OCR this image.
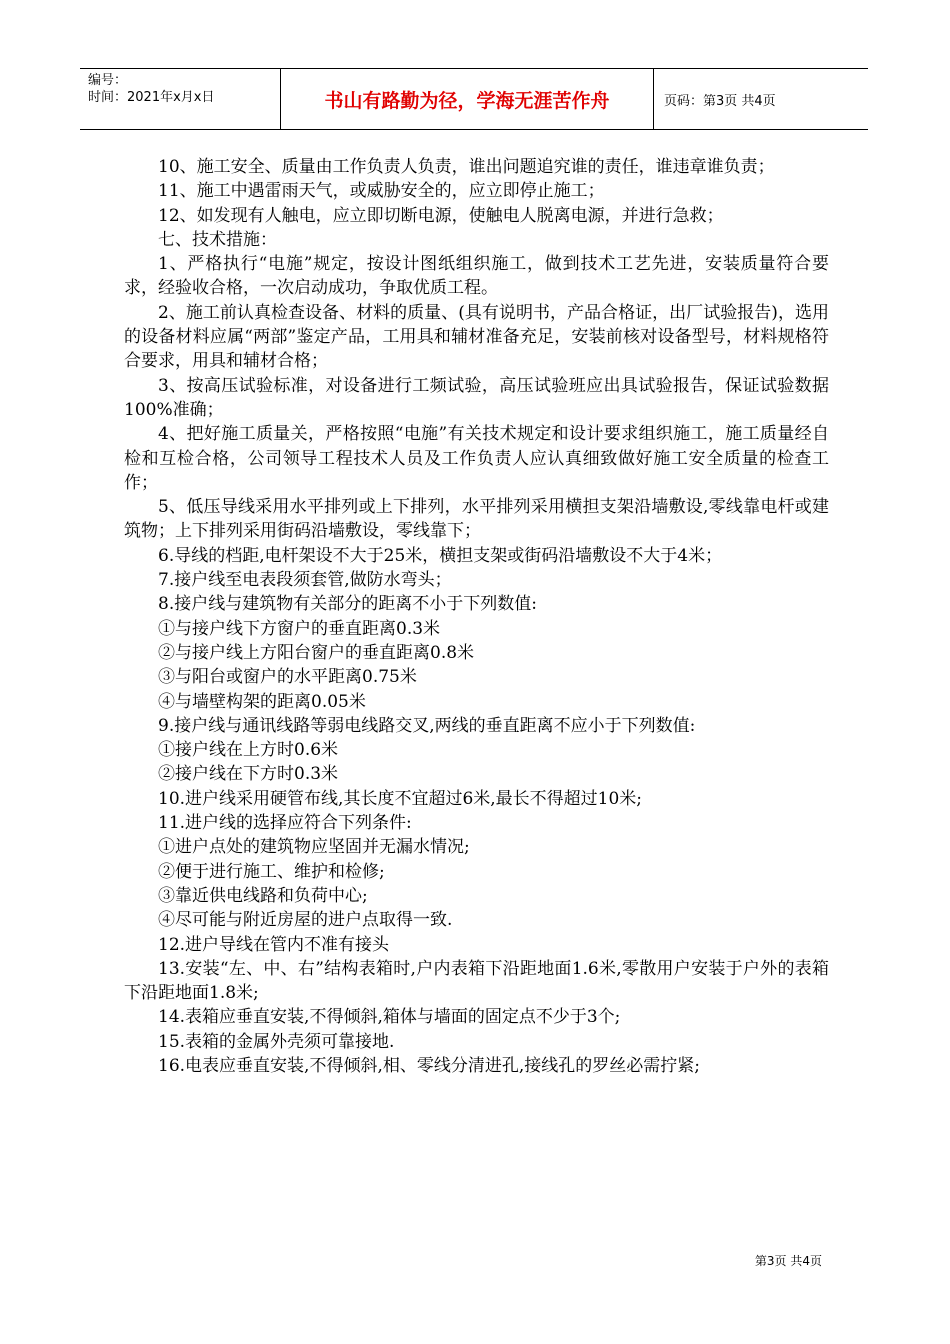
编号：
时间：2021年x月x日	书山有路勤为径，学海无涯苦作舟	页码：第3页 共4页

10、施工安全、质量由工作负责人负责，谁出问题追究谁的责任，谁违章谁负责；

11、施工中遇雷雨天气，或威胁安全的，应立即停止施工；

12、如发现有人触电，应立即切断电源，使触电人脱离电源，并进行急救；

七、技术措施：

1、严格执行“电施”规定，按设计图纸组织施工，做到技术工艺先进，安装质量符合要求，经验收合格，一次启动成功，争取优质工程。

2、施工前认真检查设备、材料的质量、(具有说明书，产品合格证，出厂试验报告)，选用的设备材料应属“两部”鉴定产品，工用具和辅材准备充足，安装前核对设备型号，材料规格符合要求，用具和辅材合格；

3、按高压试验标准，对设备进行工频试验，高压试验班应出具试验报告，保证试验数据100%准确；

4、把好施工质量关，严格按照“电施”有关技术规定和设计要求组织施工，施工质量经自检和互检合格，公司领导工程技术人员及工作负责人应认真细致做好施工安全质量的检查工作；

5、低压导线采用水平排列或上下排列，水平排列采用横担支架沿墙敷设,零线靠电杆或建筑物；上下排列采用街码沿墙敷设，零线靠下；

6.导线的档距,电杆架设不大于25米，横担支架或街码沿墙敷设不大于4米；

7.接户线至电表段须套管,做防水弯头；

8.接户线与建筑物有关部分的距离不小于下列数值:

①与接户线下方窗户的垂直距离0.3米

②与接户线上方阳台窗户的垂直距离0.8米

③与阳台或窗户的水平距离0.75米

④与墙壁构架的距离0.05米

9.接户线与通讯线路等弱电线路交叉,两线的垂直距离不应小于下列数值:

①接户线在上方时0.6米

②接户线在下方时0.3米

10.进户线采用硬管布线,其长度不宜超过6米,最长不得超过10米;

11.进户线的选择应符合下列条件:

①进户点处的建筑物应坚固并无漏水情况;

②便于进行施工、维护和检修;

③靠近供电线路和负荷中心;

④尽可能与附近房屋的进户点取得一致.

12.进户导线在管内不准有接头

13.安装“左、中、右”结构表箱时,户内表箱下沿距地面1.6米,零散用户安装于户外的表箱下沿距地面1.8米;

14.表箱应垂直安装,不得倾斜,箱体与墙面的固定点不少于3个;

15.表箱的金属外壳须可靠接地.

16.电表应垂直安装,不得倾斜,相、零线分清进孔,接线孔的罗丝必需拧紧;

第3页 共4页
